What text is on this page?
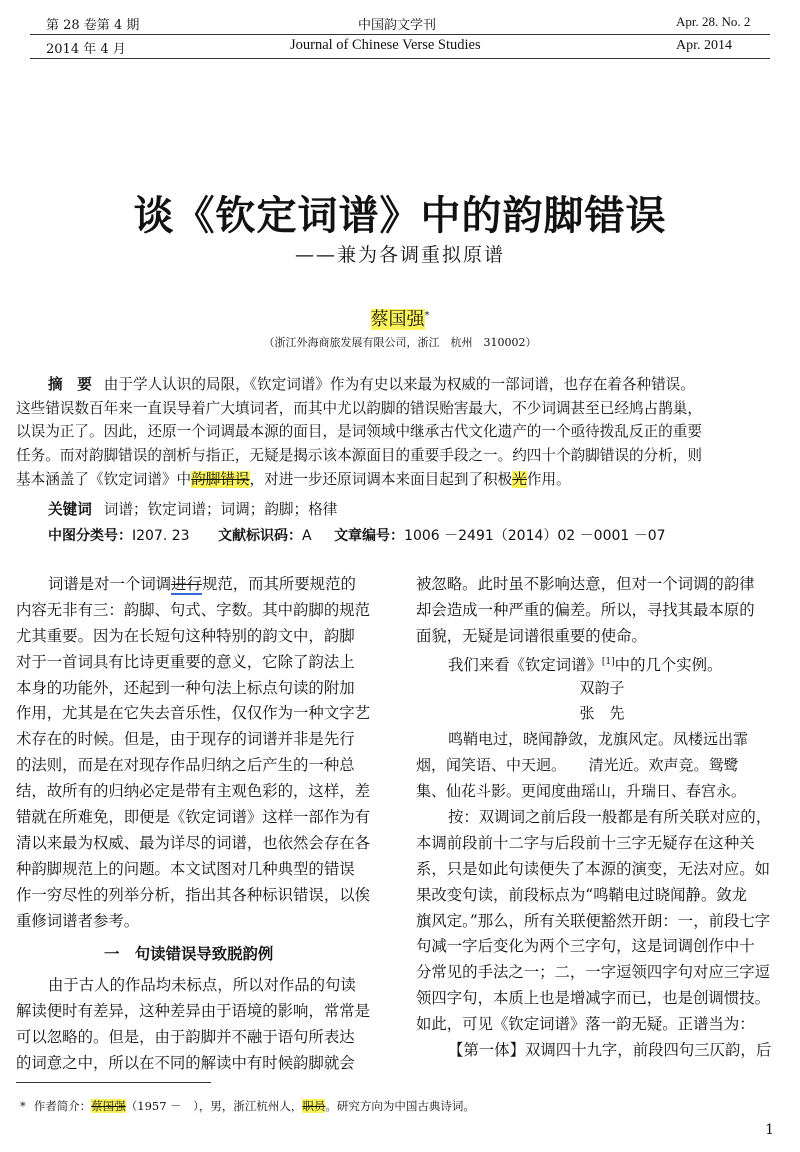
第 28 卷第 4 期	中国韵文学刊	Apr. 28. No. 2
2014 年 4 月	Journal of Chinese Verse Studies	Apr. 2014
谈《钦定词谱》中的韵脚错误
——兼为各调重拟原谱
蔡国强*
（浙江外海商旅发展有限公司，浙江　杭州　310002）
摘　要 由于学人认识的局限，《钦定词谱》作为有史以来最为权威的一部词谱，也存在着各种错误。
这些错误数百年来一直误导着广大填词者，而其中尤以韵脚的错误贻害最大，不少词调甚至已经鸠占鹊巢，
以误为正了。因此，还原一个词调最本源的面目，是词领域中继承古代文化遗产的一个亟待拨乱反正的重要
任务。而对韵脚错误的剖析与指正，无疑是揭示该本源面目的重要手段之一。约四十个韵脚错误的分析，则
基本涵盖了《钦定词谱》中韵脚错误，对进一步还原词调本来面目起到了积极光作用。
关键词 词谱；钦定词谱；词调；韵脚；格律
中图分类号：I207. 23 文献标识码：A 文章编号：1006 －2491（2014）02 －0001 －07
词谱是对一个词调进行规范，而其所要规范的
内容无非有三：韵脚、句式、字数。其中韵脚的规范
尤其重要。因为在长短句这种特别的韵文中，韵脚
对于一首词具有比诗更重要的意义，它除了韵法上
本身的功能外，还起到一种句法上标点句读的附加
作用，尤其是在它失去音乐性，仅仅作为一种文字艺
术存在的时候。但是，由于现存的词谱并非是先行
的法则，而是在对现存作品归纳之后产生的一种总
结，故所有的归纳必定是带有主观色彩的，这样，差
错就在所难免，即便是《钦定词谱》这样一部作为有
清以来最为权威、最为详尽的词谱，也依然会存在各
种韵脚规范上的问题。本文试图对几种典型的错误
作一穷尽性的列举分析，指出其各种标识错误，以俟
重修词谱者参考。
一　句读错误导致脱韵例
由于古人的作品均未标点，所以对作品的句读
解读便时有差异，这种差异由于语境的影响，常常是
可以忽略的。但是，由于韵脚并不融于语句所表达
的词意之中，所以在不同的解读中有时候韵脚就会
被忽略。此时虽不影响达意，但对一个词调的韵律
却会造成一种严重的偏差。所以，寻找其最本原的
面貌，无疑是词谱很重要的使命。
我们来看《钦定词谱》[1]中的几个实例。
双韵子
张　先
鸣鞘电过，晓闻静敛，龙旗风定。凤楼远出霏
烟，闻笑语、中天迥。　　清光近。欢声竞。鸳鹭
集、仙花斗影。更闻度曲瑶山，升瑞日、春宫永。
按：双调词之前后段一般都是有所关联对应的，
本调前段前十二字与后段前十三字无疑存在这种关
系，只是如此句读便失了本源的演变，无法对应。如
果改变句读，前段标点为“鸣鞘电过晓闻静。敛龙
旗风定。”那么，所有关联便豁然开朗：一，前段七字
句减一字后变化为两个三字句，这是词调创作中十
分常见的手法之一；二，一字逗领四字句对应三字逗
领四字句，本质上也是增减字而已，也是创调惯技。
如此，可见《钦定词谱》落一韵无疑。正谱当为：
【第一体】双调四十九字，前段四句三仄韵，后
* 作者简介：蔡国强（1957 －　），男，浙江杭州人，职员。研究方向为中国古典诗词。
1
